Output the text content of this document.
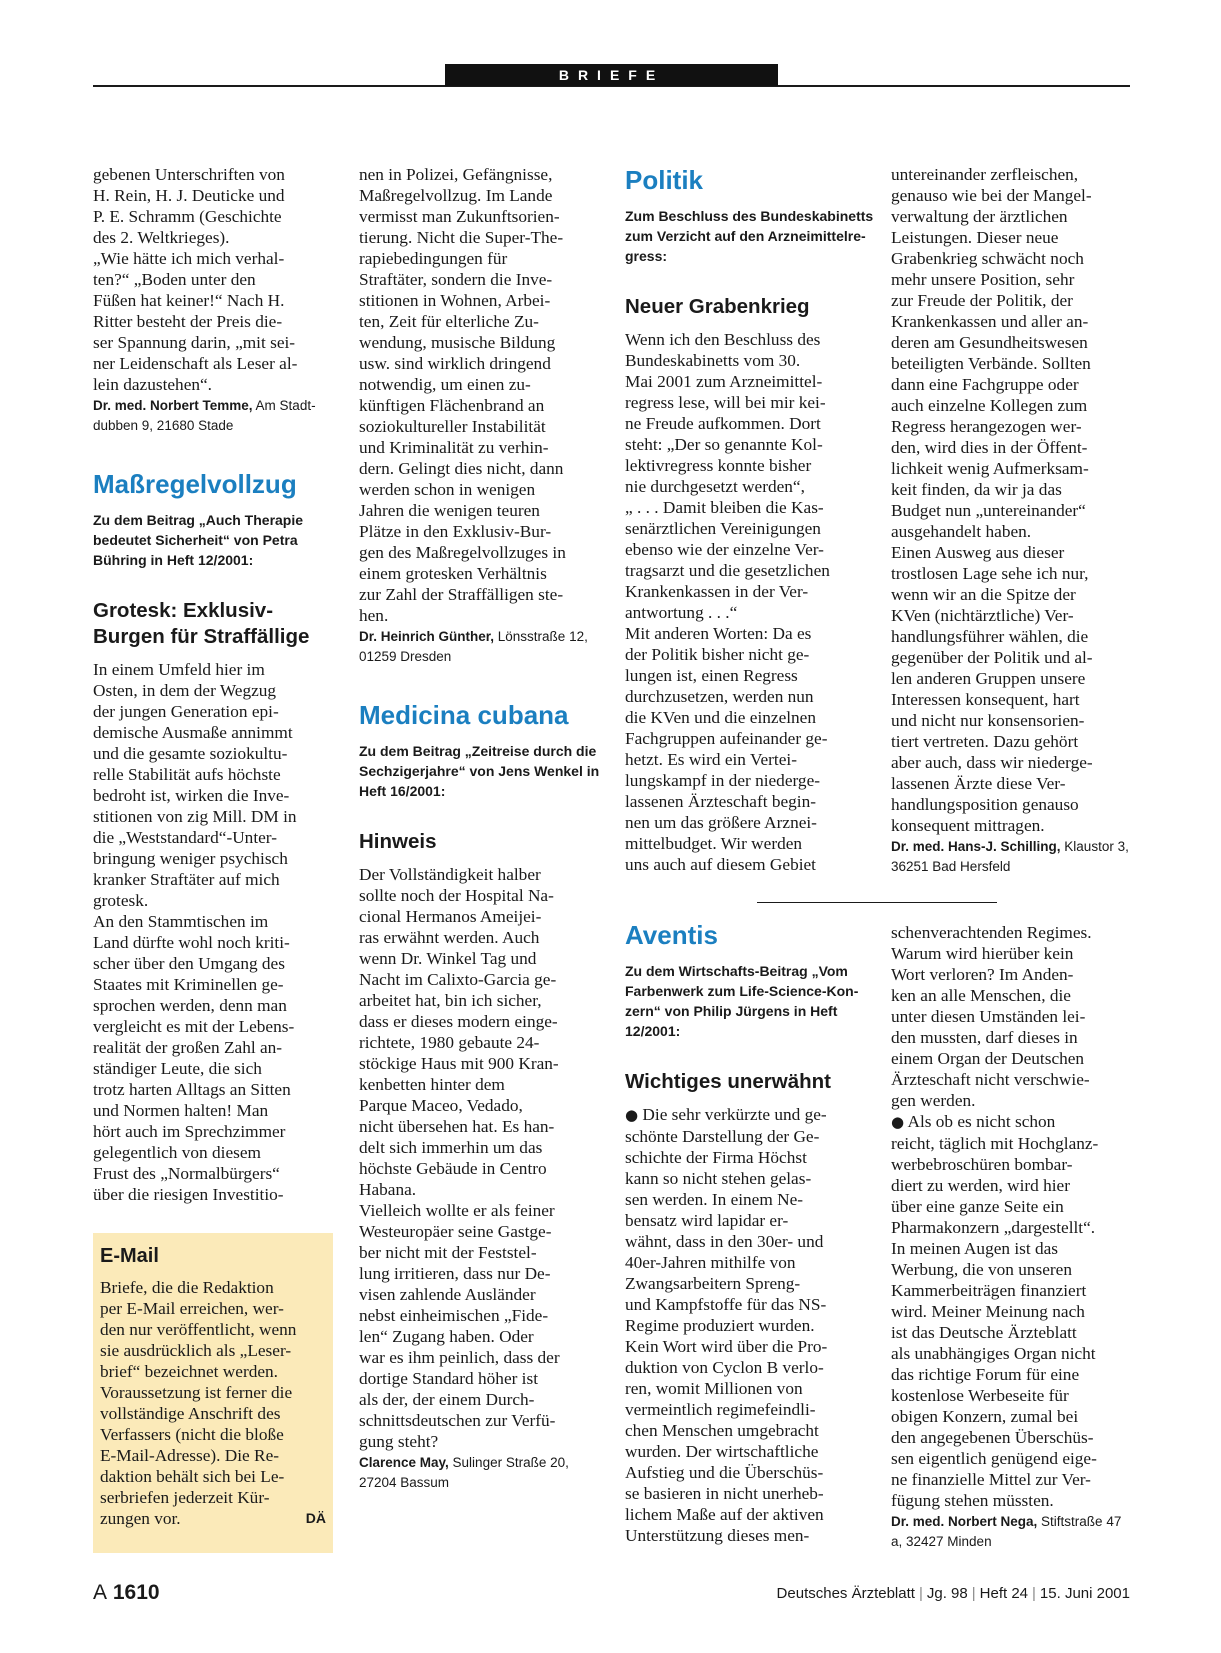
BRIEFE
gebenen Unterschriften von
H. Rein, H. J. Deuticke und
P. E. Schramm (Geschichte
des 2. Weltkrieges).
„Wie hätte ich mich verhal-
ten?“ „Boden unter den
Füßen hat keiner!“ Nach H.
Ritter besteht der Preis die-
ser Spannung darin, „mit sei-
ner Leidenschaft als Leser al-
lein dazustehen“.
Dr. med. Norbert Temme, Am Stadt-
dubben 9, 21680 Stade
Maßregelvollzug
Zu dem Beitrag „Auch Therapie
bedeutet Sicherheit“ von Petra
Bühring in Heft 12/2001:
Grotesk: Exklusiv-
Burgen für Straffällige
In einem Umfeld hier im
Osten, in dem der Wegzug
der jungen Generation epi-
demische Ausmaße annimmt
und die gesamte soziokultu-
relle Stabilität aufs höchste
bedroht ist, wirken die Inve-
stitionen von zig Mill. DM in
die „Weststandard“-Unter-
bringung weniger psychisch
kranker Straftäter auf mich
grotesk.
An den Stammtischen im
Land dürfte wohl noch kriti-
scher über den Umgang des
Staates mit Kriminellen ge-
sprochen werden, denn man
vergleicht es mit der Lebens-
realität der großen Zahl an-
ständiger Leute, die sich
trotz harten Alltags an Sitten
und Normen halten! Man
hört auch im Sprechzimmer
gelegentlich von diesem
Frust des „Normalbürgers“
über die riesigen Investitio-
E-Mail
Briefe, die die Redaktion
per E-Mail erreichen, wer-
den nur veröffentlicht, wenn
sie ausdrücklich als „Leser-
brief“ bezeichnet werden.
Voraussetzung ist ferner die
vollständige Anschrift des
Verfassers (nicht die bloße
E-Mail-Adresse). Die Re-
daktion behält sich bei Le-
serbriefen jederzeit Kür-
zungen vor.	DÄ
nen in Polizei, Gefängnisse,
Maßregelvollzug. Im Lande
vermisst man Zukunftsorien-
tierung. Nicht die Super-The-
rapiebedingungen für
Straftäter, sondern die Inve-
stitionen in Wohnen, Arbei-
ten, Zeit für elterliche Zu-
wendung, musische Bildung
usw. sind wirklich dringend
notwendig, um einen zu-
künftigen Flächenbrand an
soziokultureller Instabilität
und Kriminalität zu verhin-
dern. Gelingt dies nicht, dann
werden schon in wenigen
Jahren die wenigen teuren
Plätze in den Exklusiv-Bur-
gen des Maßregelvollzuges in
einem grotesken Verhältnis
zur Zahl der Straffälligen ste-
hen.
Dr. Heinrich Günther, Lönsstraße 12,
01259 Dresden
Medicina cubana
Zu dem Beitrag „Zeitreise durch die
Sechzigerjahre“ von Jens Wenkel in
Heft 16/2001:
Hinweis
Der Vollständigkeit halber
sollte noch der Hospital Na-
cional Hermanos Ameijei-
ras erwähnt werden. Auch
wenn Dr. Winkel Tag und
Nacht im Calixto-Garcia ge-
arbeitet hat, bin ich sicher,
dass er dieses modern einge-
richtete, 1980 gebaute 24-
stöckige Haus mit 900 Kran-
kenbetten hinter dem
Parque Maceo, Vedado,
nicht übersehen hat. Es han-
delt sich immerhin um das
höchste Gebäude in Centro
Habana.
Vielleich wollte er als feiner
Westeuropäer seine Gastge-
ber nicht mit der Feststel-
lung irritieren, dass nur De-
visen zahlende Ausländer
nebst einheimischen „Fide-
len“ Zugang haben. Oder
war es ihm peinlich, dass der
dortige Standard höher ist
als der, der einem Durch-
schnittsdeutschen zur Verfü-
gung steht?
Clarence May, Sulinger Straße 20,
27204 Bassum
Politik
Zum Beschluss des Bundeskabinetts
zum Verzicht auf den Arzneimittelre-
gress:
Neuer Grabenkrieg
Wenn ich den Beschluss des
Bundeskabinetts vom 30.
Mai 2001 zum Arzneimittel-
regress lese, will bei mir kei-
ne Freude aufkommen. Dort
steht: „Der so genannte Kol-
lektivregress konnte bisher
nie durchgesetzt werden“,
„ . . . Damit bleiben die Kas-
senärztlichen Vereinigungen
ebenso wie der einzelne Ver-
tragsarzt und die gesetzlichen
Krankenkassen in der Ver-
antwortung . . .“
Mit anderen Worten: Da es
der Politik bisher nicht ge-
lungen ist, einen Regress
durchzusetzen, werden nun
die KVen und die einzelnen
Fachgruppen aufeinander ge-
hetzt. Es wird ein Vertei-
lungskampf in der niederge-
lassenen Ärzteschaft begin-
nen um das größere Arznei-
mittelbudget. Wir werden
uns auch auf diesem Gebiet
Aventis
Zu dem Wirtschafts-Beitrag „Vom
Farbenwerk zum Life-Science-Kon-
zern“ von Philip Jürgens in Heft
12/2001:
Wichtiges unerwähnt
● Die sehr verkürzte und ge-
schönte Darstellung der Ge-
schichte der Firma Höchst
kann so nicht stehen gelas-
sen werden. In einem Ne-
bensatz wird lapidar er-
wähnt, dass in den 30er- und
40er-Jahren mithilfe von
Zwangsarbeitern Spreng-
und Kampfstoffe für das NS-
Regime produziert wurden.
Kein Wort wird über die Pro-
duktion von Cyclon B verlo-
ren, womit Millionen von
vermeintlich regimefeindli-
chen Menschen umgebracht
wurden. Der wirtschaftliche
Aufstieg und die Überschüs-
se basieren in nicht unerheb-
lichem Maße auf der aktiven
Unterstützung dieses men-
untereinander zerfleischen,
genauso wie bei der Mangel-
verwaltung der ärztlichen
Leistungen. Dieser neue
Grabenkrieg schwächt noch
mehr unsere Position, sehr
zur Freude der Politik, der
Krankenkassen und aller an-
deren am Gesundheitswesen
beteiligten Verbände. Sollten
dann eine Fachgruppe oder
auch einzelne Kollegen zum
Regress herangezogen wer-
den, wird dies in der Öffent-
lichkeit wenig Aufmerksam-
keit finden, da wir ja das
Budget nun „untereinander“
ausgehandelt haben.
Einen Ausweg aus dieser
trostlosen Lage sehe ich nur,
wenn wir an die Spitze der
KVen (nichtärztliche) Ver-
handlungsführer wählen, die
gegenüber der Politik und al-
len anderen Gruppen unsere
Interessen konsequent, hart
und nicht nur konsensorien-
tiert vertreten. Dazu gehört
aber auch, dass wir niederge-
lassenen Ärzte diese Ver-
handlungsposition genauso
konsequent mittragen.
Dr. med. Hans-J. Schilling, Klaustor 3,
36251 Bad Hersfeld
schenverachtenden Regimes.
Warum wird hierüber kein
Wort verloren? Im Anden-
ken an alle Menschen, die
unter diesen Umständen lei-
den mussten, darf dieses in
einem Organ der Deutschen
Ärzteschaft nicht verschwie-
gen werden.
● Als ob es nicht schon
reicht, täglich mit Hochglanz-
werbebroschüren bombar-
diert zu werden, wird hier
über eine ganze Seite ein
Pharmakonzern „dargestellt“.
In meinen Augen ist das
Werbung, die von unseren
Kammerbeiträgen finanziert
wird. Meiner Meinung nach
ist das Deutsche Ärzteblatt
als unabhängiges Organ nicht
das richtige Forum für eine
kostenlose Werbeseite für
obigen Konzern, zumal bei
den angegebenen Überschüs-
sen eigentlich genügend eige-
ne finanzielle Mittel zur Ver-
fügung stehen müssten.
Dr. med. Norbert Nega, Stiftstraße 47
a, 32427 Minden
A 1610	Deutsches Ärzteblatt | Jg. 98 | Heft 24 | 15. Juni 2001
